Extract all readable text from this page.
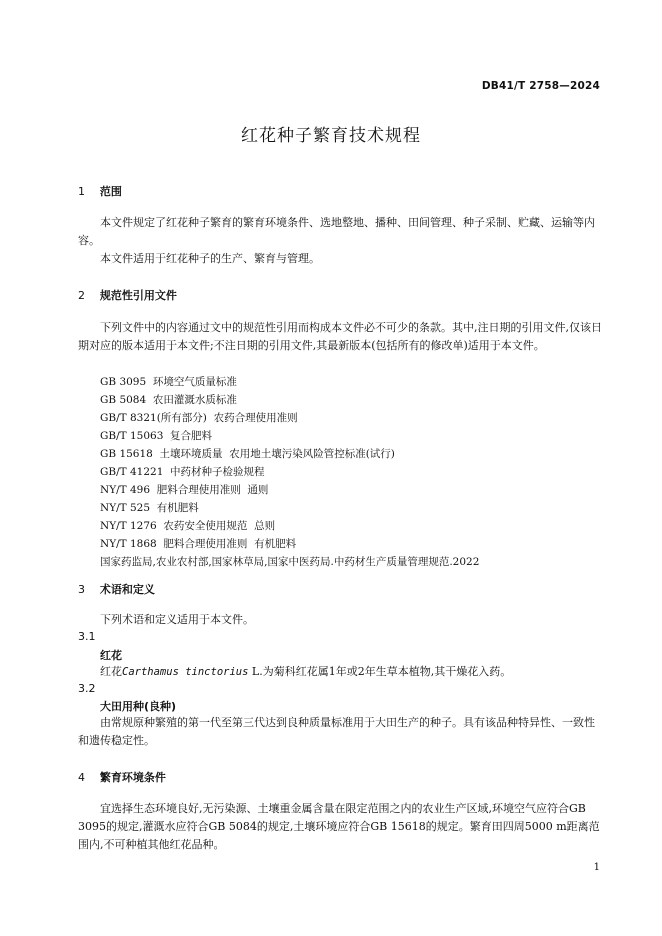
DB41/T 2758—2024
红花种子繁育技术规程
1 范围
本文件规定了红花种子繁育的繁育环境条件、选地整地、播种、田间管理、种子采制、贮藏、运输等内容。
本文件适用于红花种子的生产、繁育与管理。
2 规范性引用文件
下列文件中的内容通过文中的规范性引用而构成本文件必不可少的条款。其中,注日期的引用文件,仅该日期对应的版本适用于本文件;不注日期的引用文件,其最新版本(包括所有的修改单)适用于本文件。
GB 3095  环境空气质量标准
GB 5084  农田灌溉水质标准
GB/T 8321(所有部分)  农药合理使用准则
GB/T 15063  复合肥料
GB 15618  土壤环境质量  农用地土壤污染风险管控标准(试行)
GB/T 41221  中药材种子检验规程
NY/T 496  肥料合理使用准则  通则
NY/T 525  有机肥料
NY/T 1276  农药安全使用规范  总则
NY/T 1868  肥料合理使用准则  有机肥料
国家药监局,农业农村部,国家林草局,国家中医药局.中药材生产质量管理规范.2022
3 术语和定义
下列术语和定义适用于本文件。
3.1
红花
红花Carthamus tinctorius L.为菊科红花属1年或2年生草本植物,其干燥花入药。
3.2
大田用种(良种)
由常规原种繁殖的第一代至第三代达到良种质量标准用于大田生产的种子。具有该品种特异性、一致性和遗传稳定性。
4 繁育环境条件
宜选择生态环境良好,无污染源、土壤重金属含量在限定范围之内的农业生产区域,环境空气应符合GB 3095的规定,灌溉水应符合GB 5084的规定,土壤环境应符合GB 15618的规定。繁育田四周5000 m距离范围内,不可种植其他红花品种。
1
